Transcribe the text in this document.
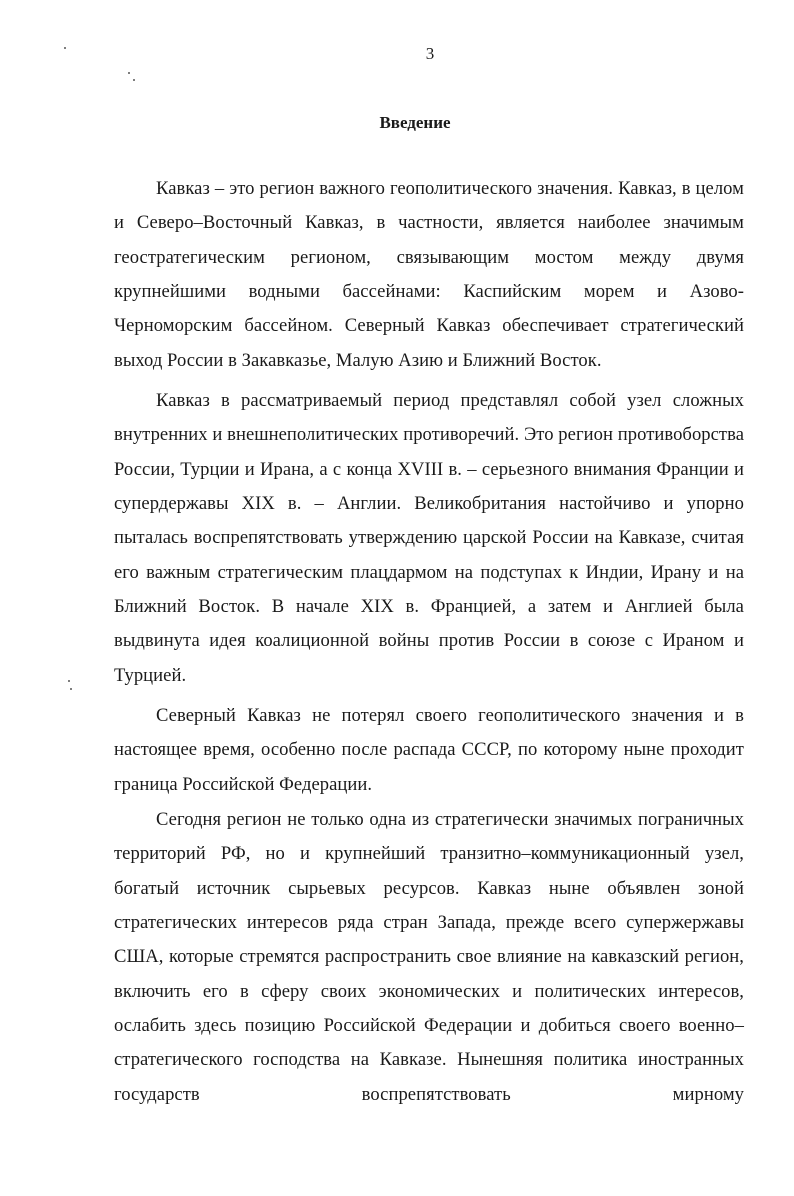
3
Введение

Кавказ – это регион важного геополитического значения. Кавказ, в целом и Северо–Восточный Кавказ, в частности, является наиболее значимым геостратегическим регионом, связывающим мостом между двумя крупнейшими водными бассейнами: Каспийским морем и Азово-Черноморским бассейном. Северный Кавказ обеспечивает стратегический выход России в Закавказье, Малую Азию и Ближний Восток.

Кавказ в рассматриваемый период представлял собой узел сложных внутренних и внешнеполитических противоречий. Это регион противоборства России, Турции и Ирана, а с конца XVIII в. – серьезного внимания Франции и супердержавы XIX в. – Англии. Великобритания настойчиво и упорно пыталась воспрепятствовать утверждению царской России на Кавказе, считая его важным стратегическим плацдармом на подступах к Индии, Ирану и на Ближний Восток. В начале XIX в. Францией, а затем и Англией была выдвинута идея коалиционной войны против России в союзе с Ираном и Турцией.

Северный Кавказ не потерял своего геополитического значения и в настоящее время, особенно после распада СССР, по которому ныне проходит граница Российской Федерации.

Сегодня регион не только одна из стратегически значимых пограничных территорий РФ, но и крупнейший транзитно–коммуникационный узел, богатый источник сырьевых ресурсов. Кавказ ныне объявлен зоной стратегических интересов ряда стран Запада, прежде всего супержержавы США, которые стремятся распространить свое влияние на кавказский регион, включить его в сферу своих экономических и политических интересов, ослабить здесь позицию Российской Федерации и добиться своего военно–стратегического господства на Кавказе. Нынешняя политика иностранных государств воспрепятствовать мирному
